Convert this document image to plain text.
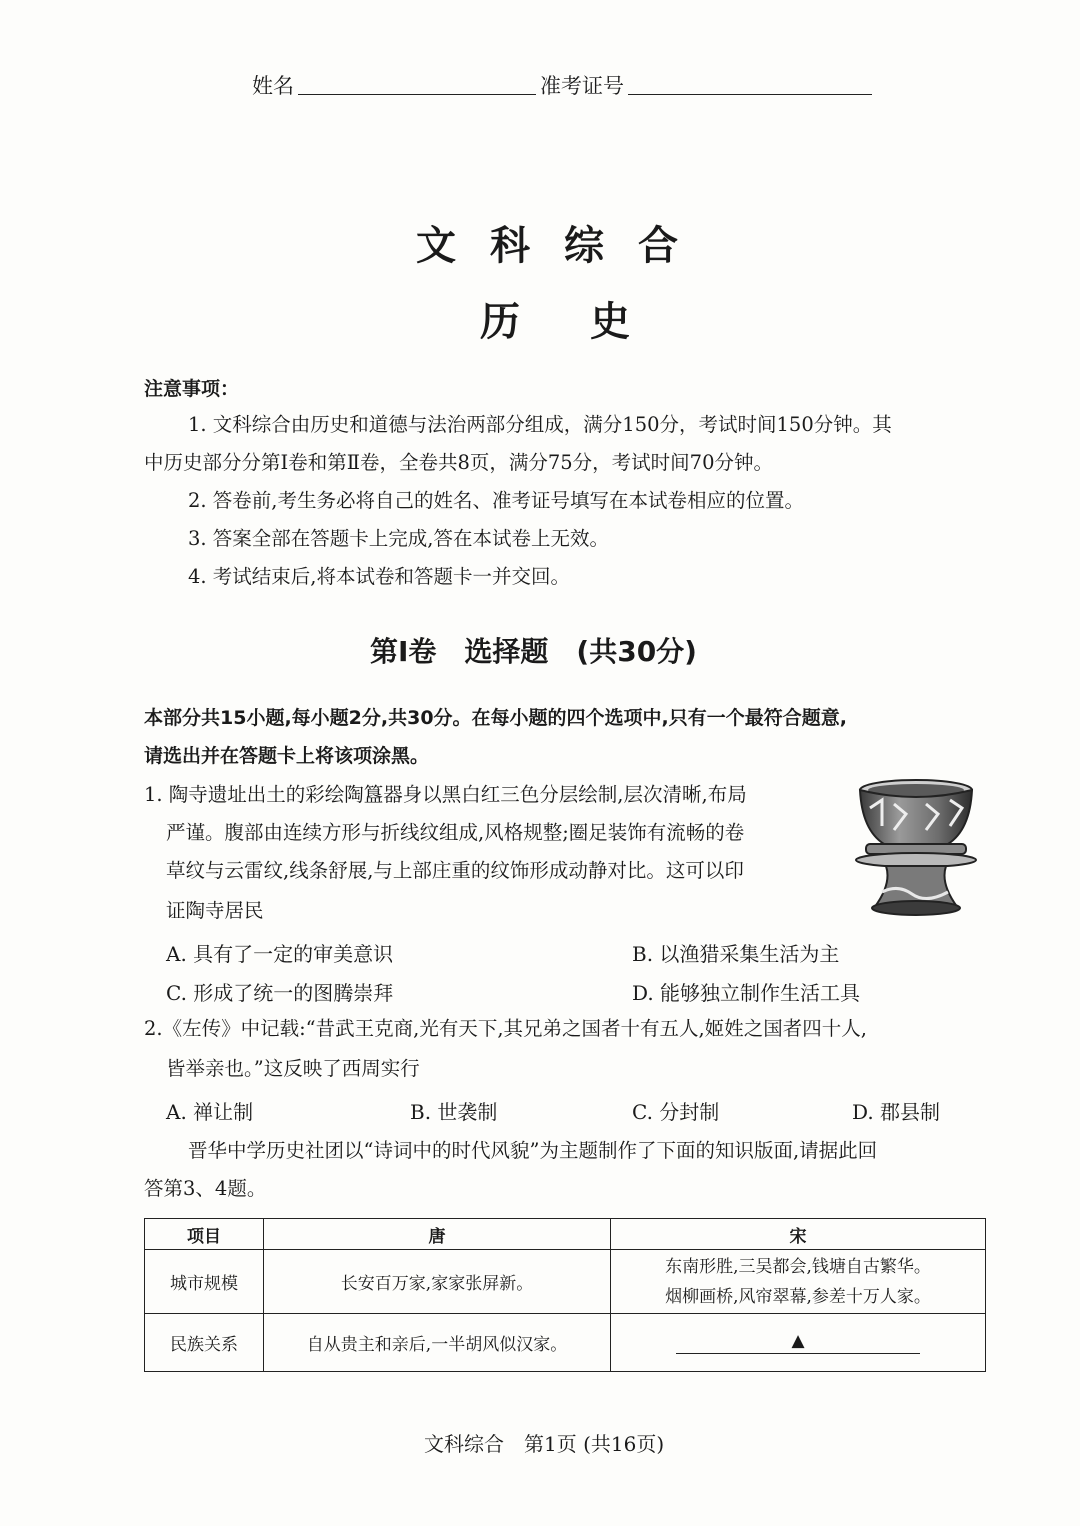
姓名	准考证号
文科综合
历史
注意事项：
1. 文科综合由历史和道德与法治两部分组成，满分150分，考试时间150分钟。其
中历史部分分第Ⅰ卷和第Ⅱ卷，全卷共8页，满分75分，考试时间70分钟。
2. 答卷前,考生务必将自己的姓名、准考证号填写在本试卷相应的位置。
3. 答案全部在答题卡上完成,答在本试卷上无效。
4. 考试结束后,将本试卷和答题卡一并交回。
第Ⅰ卷　选择题　(共30分)
本部分共15小题,每小题2分,共30分。在每小题的四个选项中,只有一个最符合题意,
请选出并在答题卡上将该项涂黑。
1. 陶寺遗址出土的彩绘陶簋器身以黑白红三色分层绘制,层次清晰,布局
严谨。腹部由连续方形与折线纹组成,风格规整;圈足装饰有流畅的卷
草纹与云雷纹,线条舒展,与上部庄重的纹饰形成动静对比。这可以印
证陶寺居民
A. 具有了一定的审美意识	B. 以渔猎采集生活为主
C. 形成了统一的图腾崇拜	D. 能够独立制作生活工具
2.《左传》中记载:“昔武王克商,光有天下,其兄弟之国者十有五人,姬姓之国者四十人,
皆举亲也。”这反映了西周实行
A. 禅让制	B. 世袭制	C. 分封制	D. 郡县制
晋华中学历史社团以“诗词中的时代风貌”为主题制作了下面的知识版面,请据此回
答第3、4题。
项目	唐	宋
城市规模	长安百万家,家家张屏新。	东南形胜,三吴都会,钱塘自古繁华。
烟柳画桥,风帘翠幕,参差十万人家。

民族关系	自从贵主和亲后,一半胡风似汉家。	▲
文科综合　第1页 (共16页)
